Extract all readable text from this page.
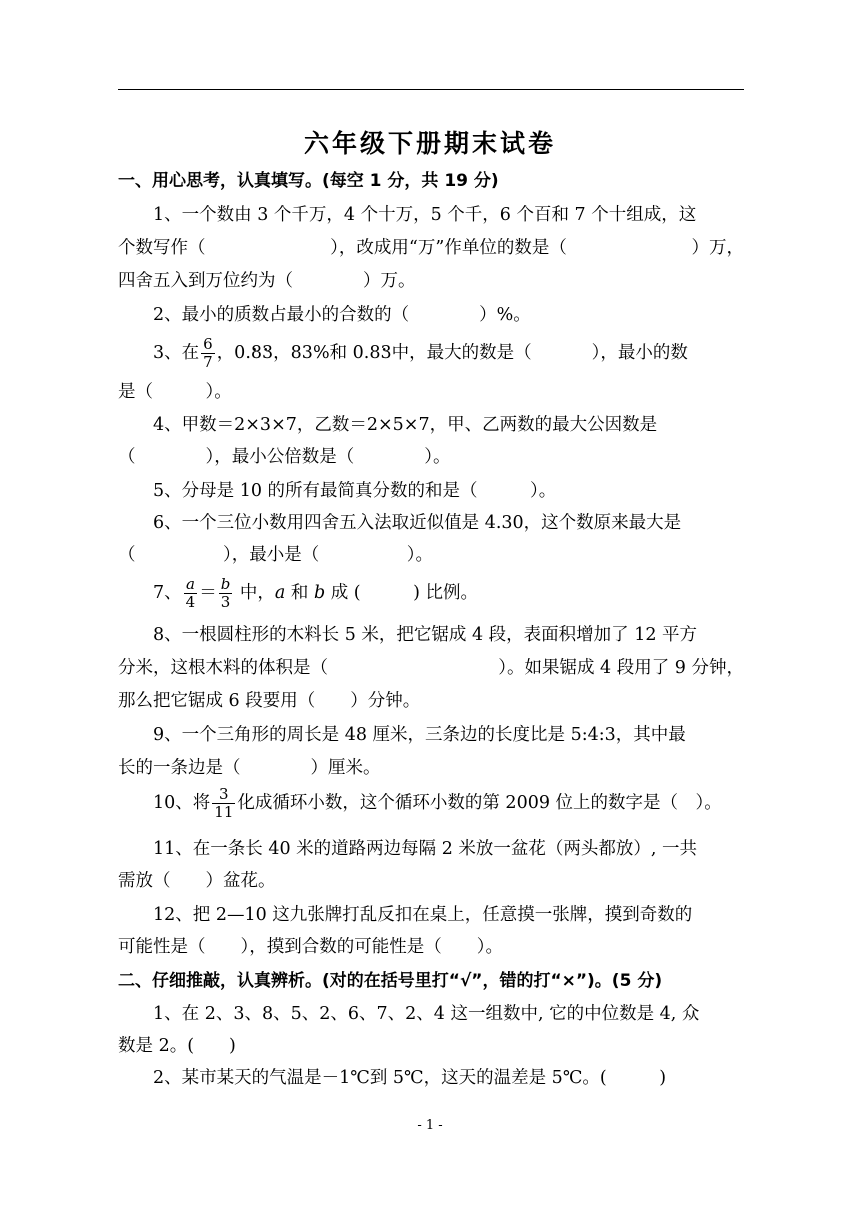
六年级下册期末试卷
一、用心思考，认真填写。(每空 1 分，共 19 分)
1、一个数由 3 个千万，4 个十万，5 个千，6 个百和 7 个十组成，这
个数写作（	），改成用“万”作单位的数是（	）万，
四舍五入到万位约为（　　　　）万。
2、最小的质数占最小的合数的（　　　　）%。
3、在 $\frac{6}{7}$ ，0.• 8• 3，83%和 0.8• 3中，最大的数是（	），最小的数
是（　　　）。
4、甲数＝2×3×7，乙数＝2×5×7，甲、乙两数的最大公因数是
（　　　　），最小公倍数是（　　　　）。
5、分母是 10 的所有最简真分数的和是（　　　）。
6、一个三位小数用四舍五入法取近似值是 4.30，这个数原来最大是
（　　　　　），最小是（　　　　　）。
7、 $\frac{a}{4} = \frac{b}{3}$ 中，a 和 b 成 (　　　) 比例。
8、一根圆柱形的木料长 5 米，把它锯成 4 段，表面积增加了 12 平方
分米，这根木料的体积是（	）。如果锯成 4 段用了 9 分钟，
那么把它锯成 6 段要用（　　）分钟。
9、一个三角形的周长是 48 厘米，三条边的长度比是 5:4:3，其中最
长的一条边是（　　　　）厘米。
10、将 $\frac{3}{11}$ 化成循环小数，这个循环小数的第 2009 位上的数字是（　）。
11、在一条长 40 米的道路两边每隔 2 米放一盆花（两头都放）, 一共
需放（　　）盆花。
12、把 2—10 这九张牌打乱反扣在桌上，任意摸一张牌，摸到奇数的
可能性是（　　），摸到合数的可能性是（　　）。
二、仔细推敲，认真辨析。(对的在括号里打“√”，错的打“×”)。(5 分)
1、在 2、3、8、5、2、6、7、2、4 这一组数中, 它的中位数是 4, 众
数是 2。(　　)
2、某市某天的气温是－1℃到 5℃，这天的温差是 5℃。(　　　)
- 1 -
